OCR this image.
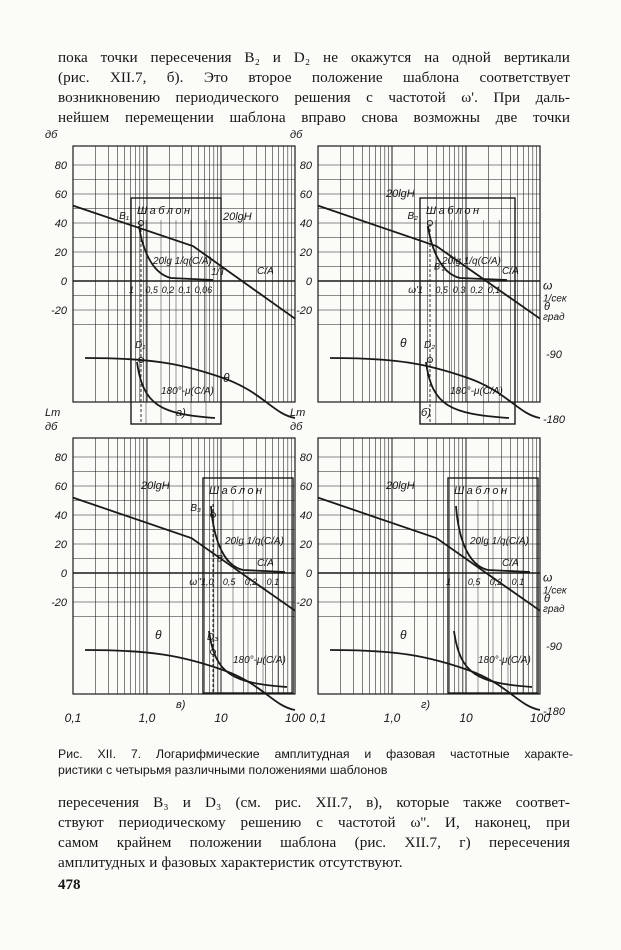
пока точки пересечения B₂ и D₂ не окажутся на одной вертикали
(рис. XII.7, б). Это второе положение шаблона соответствует
возникновению периодического решения с частотой ω'. При даль-
нейшем перемещении шаблона вправо снова возможны две точки
80
60
40
20
0
-20
дб
C/A
20lgH
1/T
θ
Шаблон
20lg 1/q(C/A)
180°-μ(C/A)
1 0,5 0,2 0,1 0,06
B₁
D₁
а)
80
60
40
20
0
-20
дб
ω
1/сек
θ
град
-90
-180
C/A
20lgH
θ
Шаблон
20lg 1/q(C/A)
180°-μ(C/A)
1 0,5 0,3 0,2 0,1
B₂
B'₂
D₂
ω'
б)
80
60
40
20
0
-20
Lm
дб
C/A
20lgH
θ
Шаблон
20lg 1/q(C/A)
180°-μ(C/A)
1,0 0,5 0,2 0,1
B₃
B'₃
D₃
ω''
в)
0,1	1,0	10	100
80
60
40
20
0
-20
Lm
дб
ω
1/сек
θ
град
-90
-180
C/A
20lgH
θ
Шаблон
20lg 1/q(C/A)
180°-μ(C/A)
1 0,5 0,2 0,1
г)
0,1	1,0	10	100
Рис. XII. 7. Логарифмические амплитудная и фазовая частотные характе-
ристики с четырьмя различными положениями шаблонов
пересечения B₃ и D₃ (см. рис. XII.7, в), которые также соответ-
ствуют периодическому решению с частотой ω''. И, наконец, при
самом крайнем положении шаблона (рис. XII.7, г) пересечения
амплитудных и фазовых характеристик отсутствуют.
478
